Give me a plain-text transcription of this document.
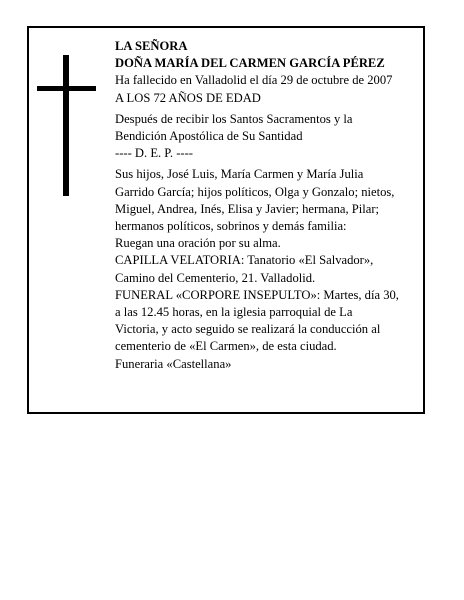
LA SEÑORA
DOÑA MARÍA DEL CARMEN GARCÍA PÉREZ
Ha fallecido en Valladolid el día 29 de octubre de 2007
A LOS 72 AÑOS DE EDAD
Después de recibir los Santos Sacramentos y la
Bendición Apostólica de Su Santidad
---- D. E. P. ----
Sus hijos, José Luis, María Carmen y María Julia
Garrido García; hijos políticos, Olga y Gonzalo; nietos,
Miguel, Andrea, Inés, Elisa y Javier; hermana, Pilar;
hermanos políticos, sobrinos y demás familia:
Ruegan una oración por su alma.
CAPILLA VELATORIA: Tanatorio «El Salvador»,
Camino del Cementerio, 21. Valladolid.
FUNERAL «CORPORE INSEPULTO»: Martes, día 30,
a las 12.45 horas, en la iglesia parroquial de La
Victoria, y acto seguido se realizará la conducción al
cementerio de «El Carmen», de esta ciudad.
Funeraria «Castellana»
